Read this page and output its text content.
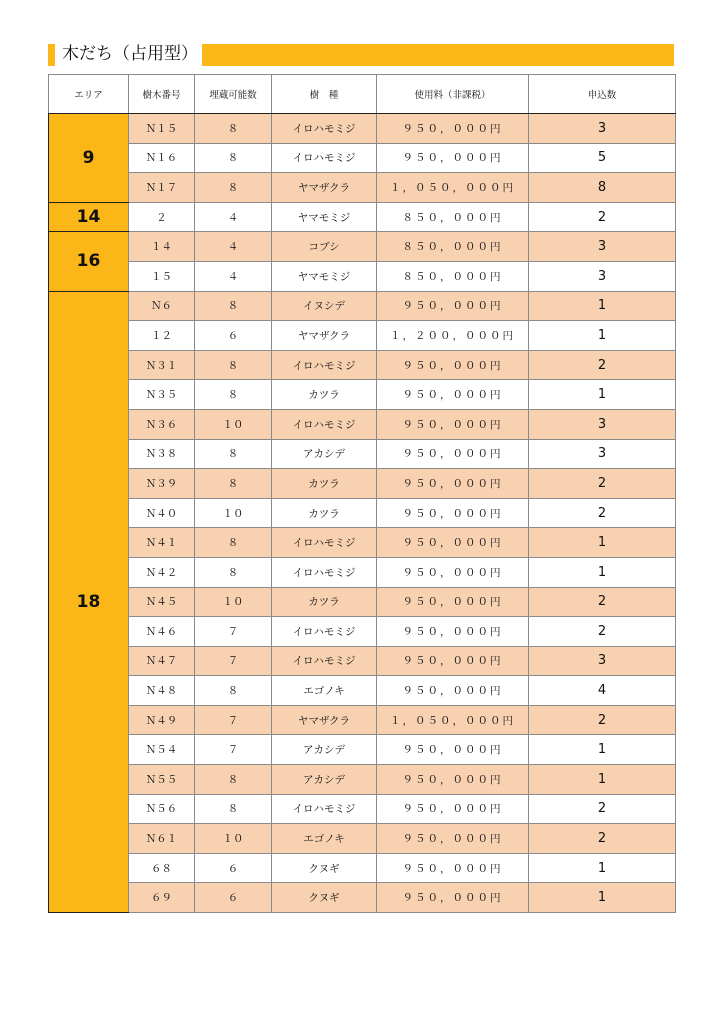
木だち（占用型）
エリア	樹木番号	埋蔵可能数	樹　種	使用料（非課税）	申込数
9	Ｎ１５	８	イロハモミジ	９５０，０００円	3
	Ｎ１６	８	イロハモミジ	９５０，０００円	5
	Ｎ１７	８	ヤマザクラ	１，０５０，０００円	8
14	２	４	ヤマモミジ	８５０，０００円	2
16	１４	４	コブシ	８５０，０００円	3
	１５	４	ヤマモミジ	８５０，０００円	3
18	Ｎ６	８	イヌシデ	９５０，０００円	1
	１２	６	ヤマザクラ	１，２００，０００円	1
	Ｎ３１	８	イロハモミジ	９５０，０００円	2
	Ｎ３５	８	カツラ	９５０，０００円	1
	Ｎ３６	１０	イロハモミジ	９５０，０００円	3
	Ｎ３８	８	アカシデ	９５０，０００円	3
	Ｎ３９	８	カツラ	９５０，０００円	2
	Ｎ４０	１０	カツラ	９５０，０００円	2
	Ｎ４１	８	イロハモミジ	９５０，０００円	1
	Ｎ４２	８	イロハモミジ	９５０，０００円	1
	Ｎ４５	１０	カツラ	９５０，０００円	2
	Ｎ４６	７	イロハモミジ	９５０，０００円	2
	Ｎ４７	７	イロハモミジ	９５０，０００円	3
	Ｎ４８	８	エゴノキ	９５０，０００円	4
	Ｎ４９	７	ヤマザクラ	１，０５０，０００円	2
	Ｎ５４	７	アカシデ	９５０，０００円	1
	Ｎ５５	８	アカシデ	９５０，０００円	1
	Ｎ５６	８	イロハモミジ	９５０，０００円	2
	Ｎ６１	１０	エゴノキ	９５０，０００円	2
	６８	６	クヌギ	９５０，０００円	1
	６９	６	クヌギ	９５０，０００円	1
